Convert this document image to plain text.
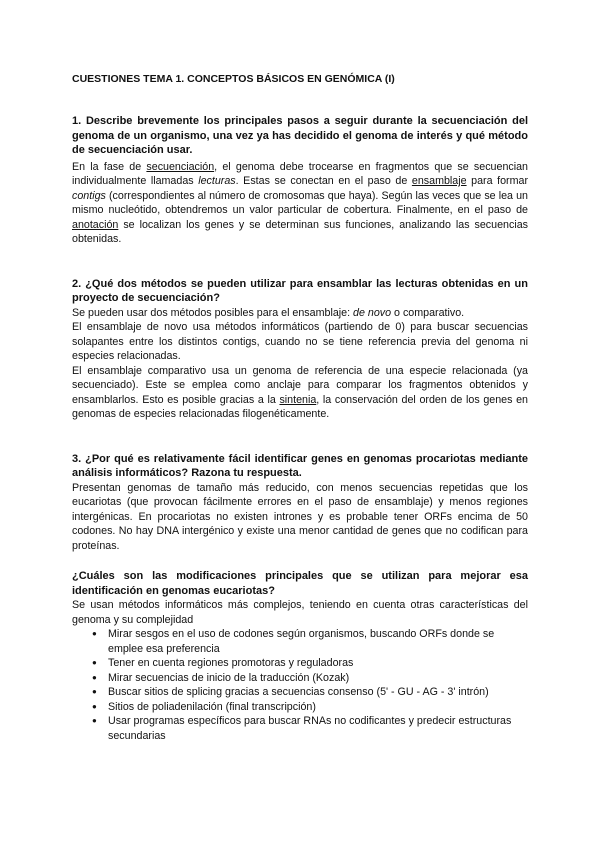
CUESTIONES TEMA 1. CONCEPTOS BÁSICOS EN GENÓMICA (I)
1. Describe brevemente los principales pasos a seguir durante la secuenciación del genoma de un organismo, una vez ya has decidido el genoma de interés y qué método de secuenciación usar.

En la fase de secuenciación, el genoma debe trocearse en fragmentos que se secuencian individualmente llamadas lecturas. Estas se conectan en el paso de ensamblaje para formar contigs (correspondientes al número de cromosomas que haya). Según las veces que se lea un mismo nucleótido, obtendremos un valor particular de cobertura. Finalmente, en el paso de anotación se localizan los genes y se determinan sus funciones, analizando las secuencias obtenidas.

2. ¿Qué dos métodos se pueden utilizar para ensamblar las lecturas obtenidas en un proyecto de secuenciación?

Se pueden usar dos métodos posibles para el ensamblaje: de novo o comparativo.

El ensamblaje de novo usa métodos informáticos (partiendo de 0) para buscar secuencias solapantes entre los distintos contigs, cuando no se tiene referencia previa del genoma ni especies relacionadas.

El ensamblaje comparativo usa un genoma de referencia de una especie relacionada (ya secuenciado). Este se emplea como anclaje para comparar los fragmentos obtenidos y ensamblarlos. Esto es posible gracias a la sintenia, la conservación del orden de los genes en genomas de especies relacionadas filogenéticamente.

3. ¿Por qué es relativamente fácil identificar genes en genomas procariotas mediante análisis informáticos? Razona tu respuesta.

Presentan genomas de tamaño más reducido, con menos secuencias repetidas que los eucariotas (que provocan fácilmente errores en el paso de ensamblaje) y menos regiones intergénicas. En procariotas no existen intrones y es probable tener ORFs encima de 50 codones. No hay DNA intergénico y existe una menor cantidad de genes que no codifican para proteínas.

¿Cuáles son las modificaciones principales que se utilizan para mejorar esa identificación en genomas eucariotas?

Se usan métodos informáticos más complejos, teniendo en cuenta otras características del genoma y su complejidad

● Mirar sesgos en el uso de codones según organismos, buscando ORFs donde se emplee esa preferencia
● Tener en cuenta regiones promotoras y reguladoras
● Mirar secuencias de inicio de la traducción (Kozak)
● Buscar sitios de splicing gracias a secuencias consenso (5' - GU - AG - 3' intrón)
● Sitios de poliadenilación (final transcripción)
● Usar programas específicos para buscar RNAs no codificantes y predecir estructuras secundarias
